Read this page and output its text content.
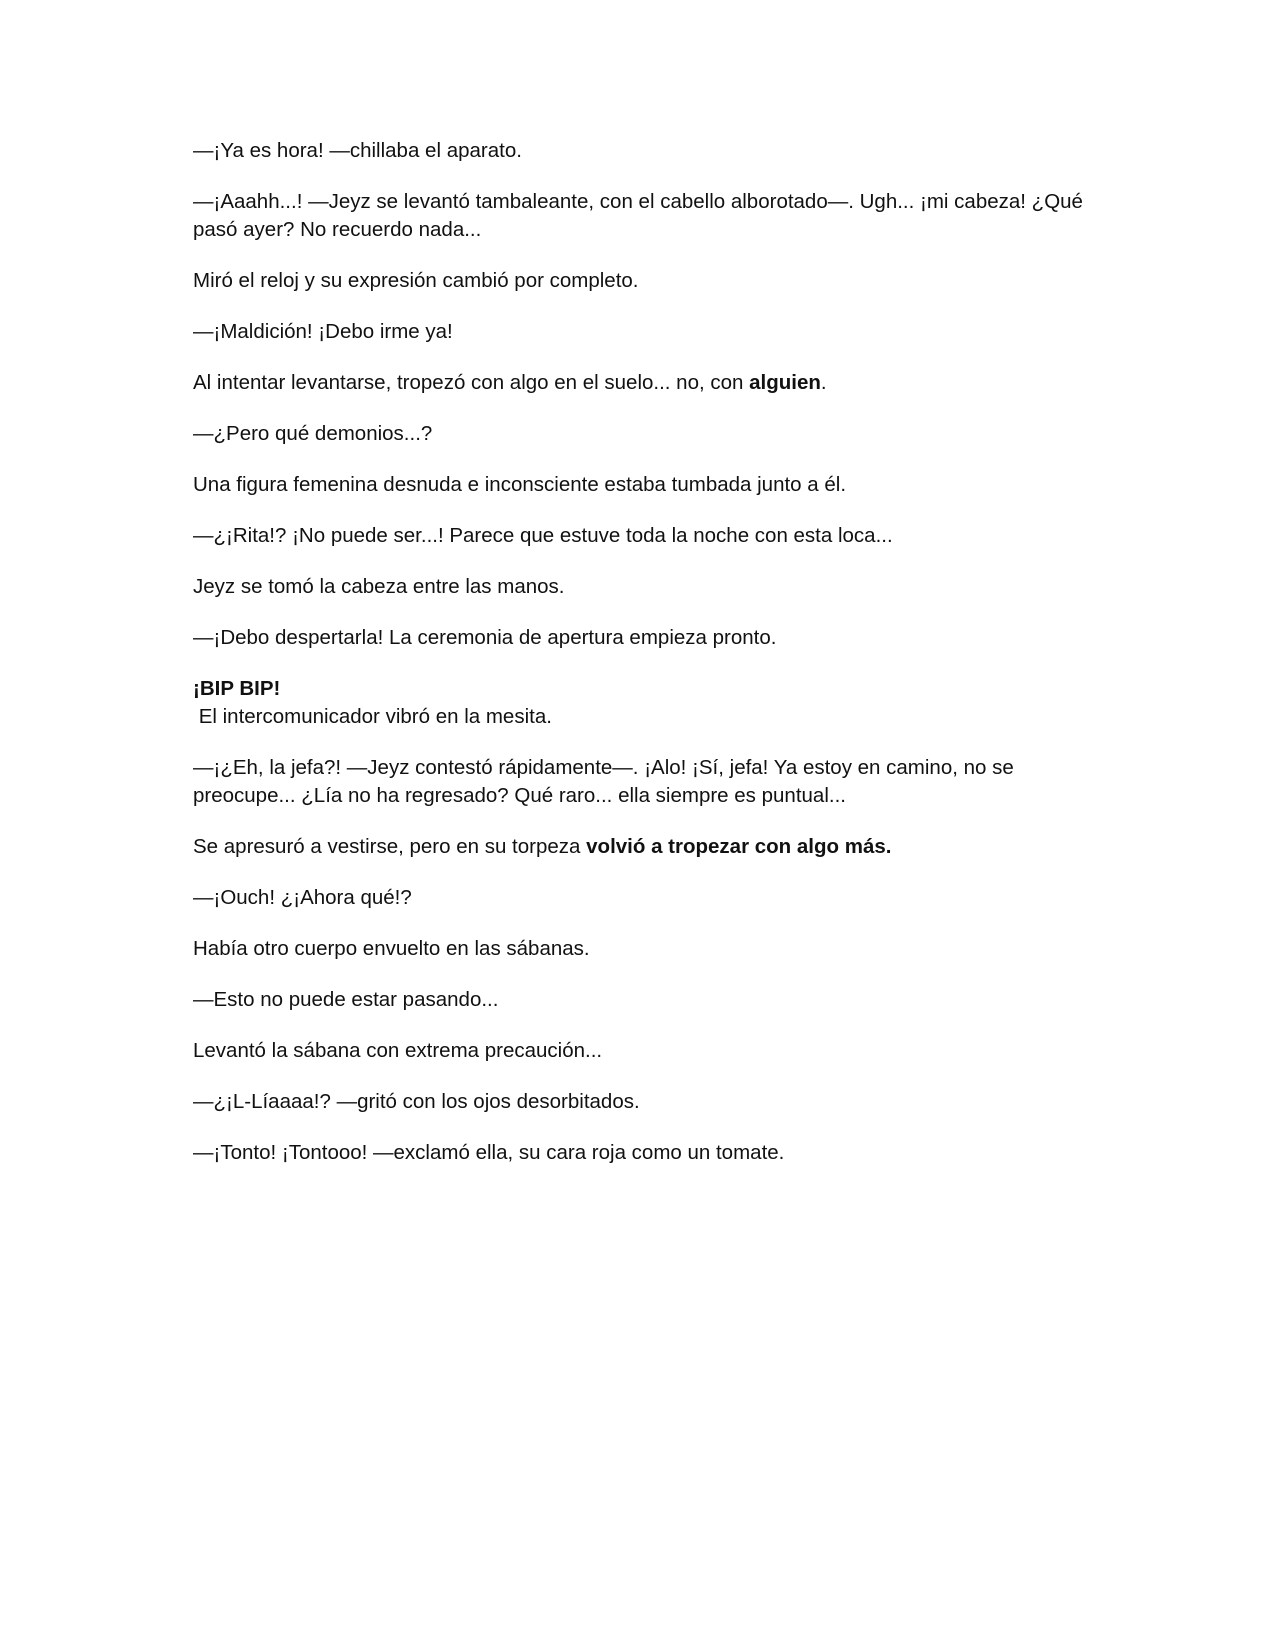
—¡Ya es hora! —chillaba el aparato.

—¡Aaahh...! —Jeyz se levantó tambaleante, con el cabello alborotado—. Ugh... ¡mi cabeza! ¿Qué pasó ayer? No recuerdo nada...

Miró el reloj y su expresión cambió por completo.

—¡Maldición! ¡Debo irme ya!

Al intentar levantarse, tropezó con algo en el suelo... no, con alguien.

—¿Pero qué demonios...?

Una figura femenina desnuda e inconsciente estaba tumbada junto a él.

—¿¡Rita!? ¡No puede ser...! Parece que estuve toda la noche con esta loca...

Jeyz se tomó la cabeza entre las manos.

—¡Debo despertarla! La ceremonia de apertura empieza pronto.

¡BIP BIP!
El intercomunicador vibró en la mesita.

—¡¿Eh, la jefa?! —Jeyz contestó rápidamente—. ¡Alo! ¡Sí, jefa! Ya estoy en camino, no se preocupe... ¿Lía no ha regresado? Qué raro... ella siempre es puntual...

Se apresuró a vestirse, pero en su torpeza volvió a tropezar con algo más.

—¡Ouch! ¿¡Ahora qué!?

Había otro cuerpo envuelto en las sábanas.

—Esto no puede estar pasando...

Levantó la sábana con extrema precaución...

—¿¡L-Líaaaa!? —gritó con los ojos desorbitados.

—¡Tonto! ¡Tontooo! —exclamó ella, su cara roja como un tomate.
